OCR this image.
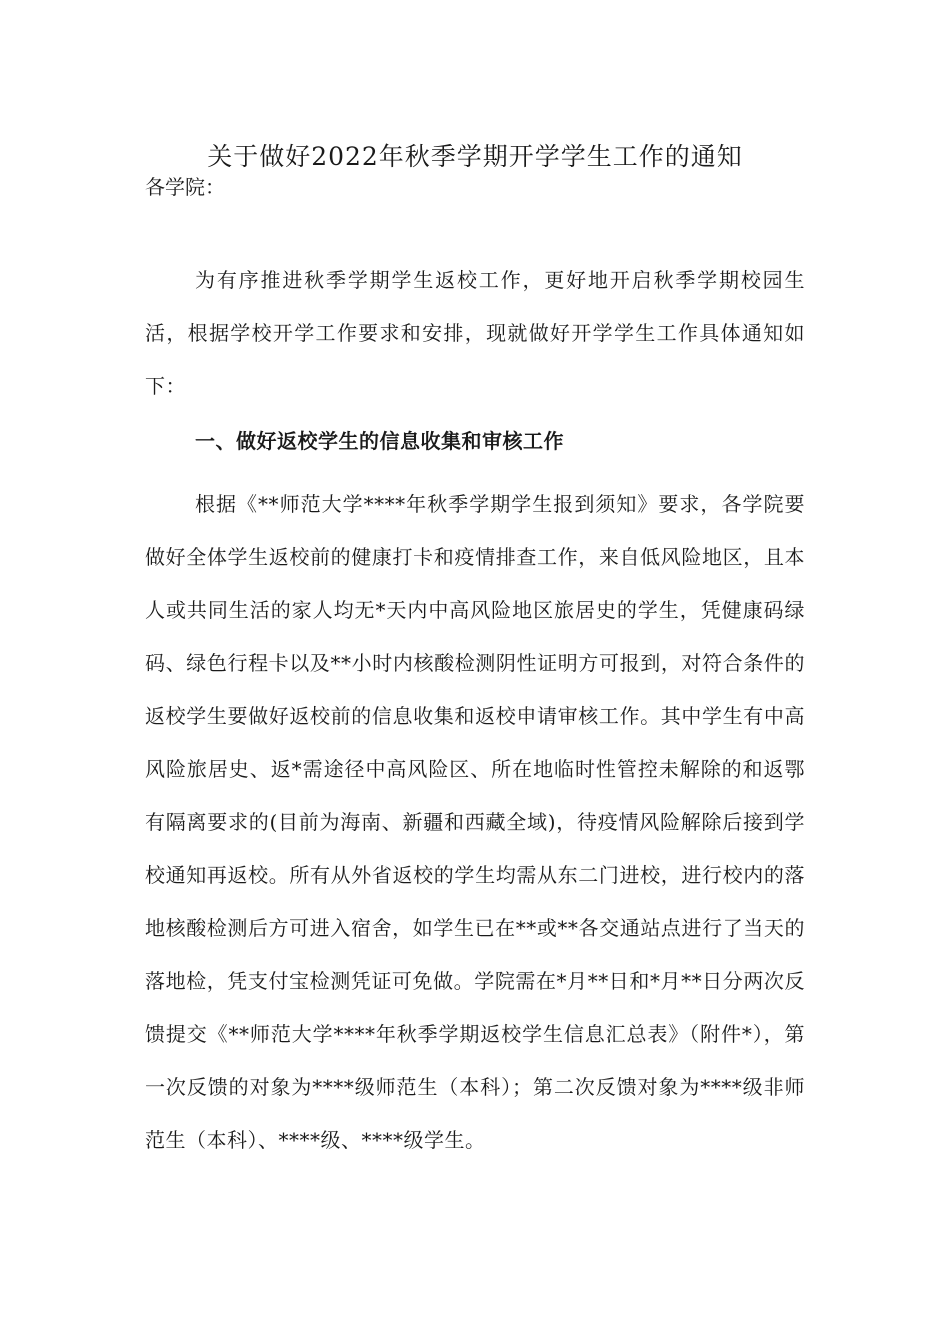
关于做好2022年秋季学期开学学生工作的通知

各学院：

为有序推进秋季学期学生返校工作，更好地开启秋季学期校园生活，根据学校开学工作要求和安排，现就做好开学学生工作具体通知如下：

一、做好返校学生的信息收集和审核工作

根据《**师范大学****年秋季学期学生报到须知》要求，各学院要做好全体学生返校前的健康打卡和疫情排查工作，来自低风险地区，且本人或共同生活的家人均无*天内中高风险地区旅居史的学生，凭健康码绿码、绿色行程卡以及**小时内核酸检测阴性证明方可报到，对符合条件的返校学生要做好返校前的信息收集和返校申请审核工作。其中学生有中高风险旅居史、返*需途径中高风险区、所在地临时性管控未解除的和返鄂有隔离要求的(目前为海南、新疆和西藏全域)，待疫情风险解除后接到学校通知再返校。所有从外省返校的学生均需从东二门进校，进行校内的落地核酸检测后方可进入宿舍，如学生已在**或**各交通站点进行了当天的落地检，凭支付宝检测凭证可免做。学院需在*月**日和*月**日分两次反馈提交《**师范大学****年秋季学期返校学生信息汇总表》（附件*），第一次反馈的对象为****级师范生（本科）；第二次反馈对象为****级非师范生（本科）、****级、****级学生。
